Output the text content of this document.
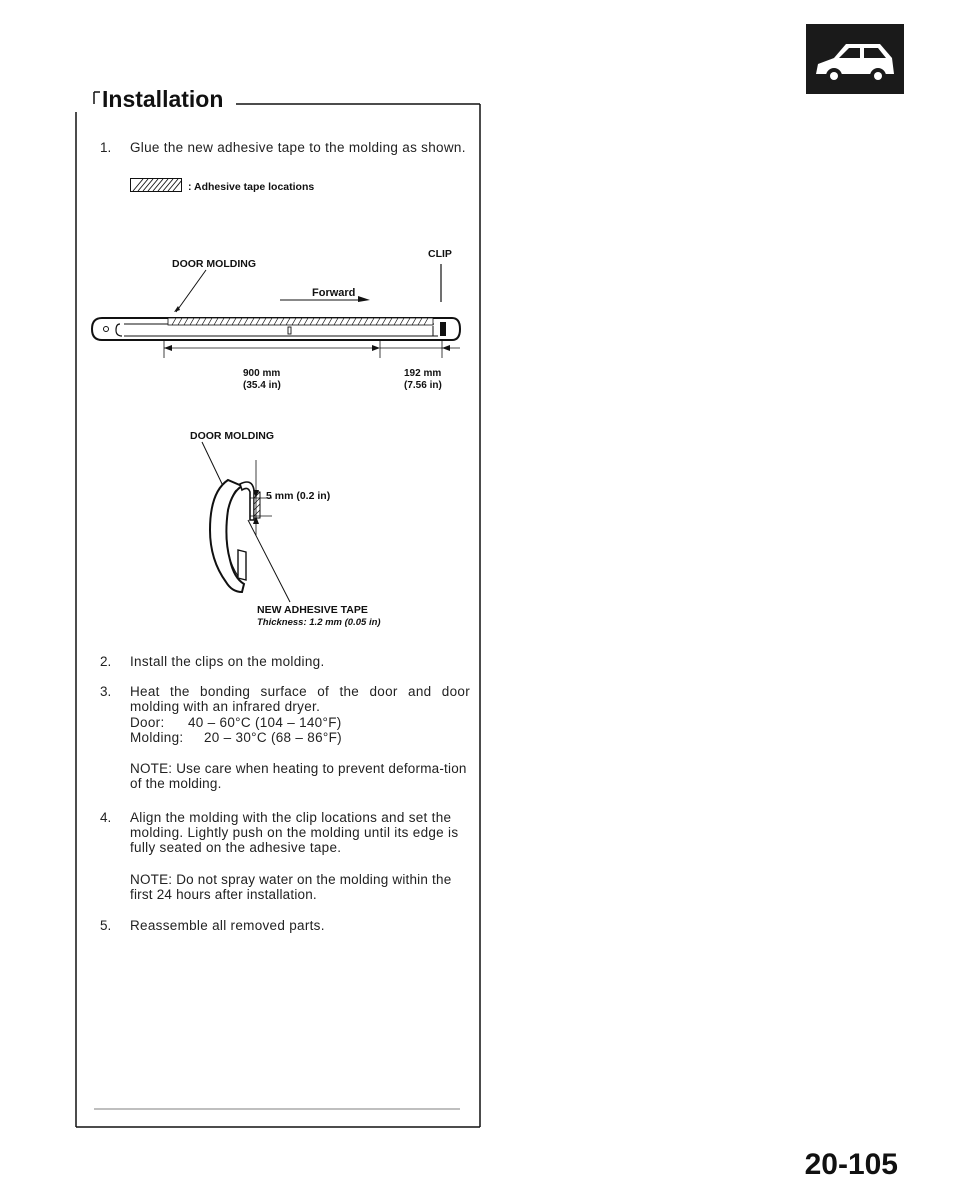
Installation
1. Glue the new adhesive tape to the molding as shown.
: Adhesive tape locations
DOOR MOLDING
CLIP
Forward
900 mm
(35.4 in)
192 mm
(7.56 in)
DOOR MOLDING
5 mm (0.2 in)
NEW ADHESIVE TAPE
Thickness: 1.2 mm (0.05 in)
2. Install the clips on the molding.
3. Heat the bonding surface of the door and door molding with an infrared dryer.
Door: 40 – 60°C (104 – 140°F)
Molding: 20 – 30°C (68 – 86°F)
NOTE: Use care when heating to prevent deforma-tion of the molding.
4. Align the molding with the clip locations and set the molding. Lightly push on the molding until its edge is fully seated on the adhesive tape.
NOTE: Do not spray water on the molding within the first 24 hours after installation.
5. Reassemble all removed parts.
20-105
